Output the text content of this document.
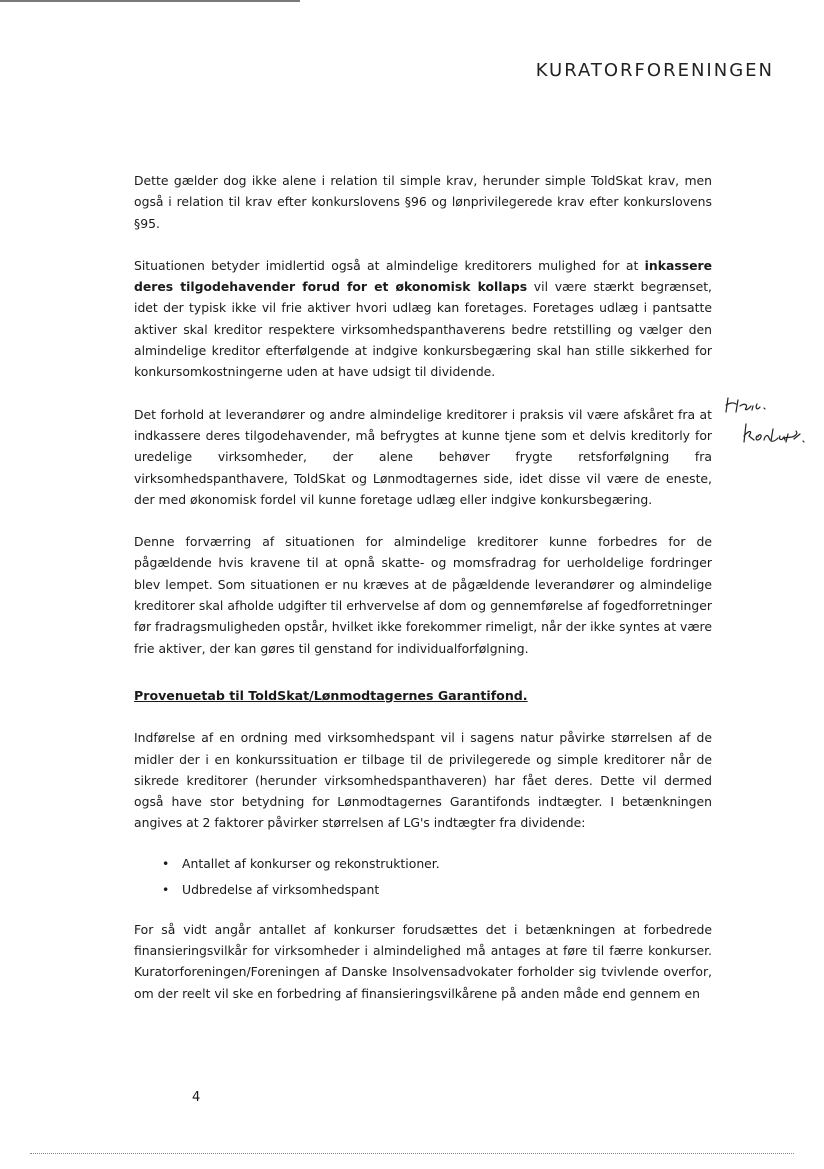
KURATORFORENINGEN

Dette gælder dog ikke alene i relation til simple krav, herunder simple ToldSkat krav, men også i relation til krav efter konkurslovens §96 og lønprivilegerede krav efter konkurslovens §95.

Situationen betyder imidlertid også at almindelige kreditorers mulighed for at inkassere deres tilgodehavender forud for et økonomisk kollaps vil være stærkt begrænset, idet der typisk ikke vil frie aktiver hvori udlæg kan foretages. Foretages udlæg i pantsatte aktiver skal kreditor respektere virksomhedspanthaverens bedre retstilling og vælger den almindelige kreditor efterfølgende at indgive konkursbegæring skal han stille sikkerhed for konkursomkostningerne uden at have udsigt til dividende.

Det forhold at leverandører og andre almindelige kreditorer i praksis vil være afskåret fra at indkassere deres tilgodehavender, må befrygtes at kunne tjene som et delvis kreditorly for uredelige virksomheder, der alene behøver frygte retsforfølgning fra virksomhedspanthavere, ToldSkat og Lønmodtagernes side, idet disse vil være de eneste, der med økonomisk fordel vil kunne foretage udlæg eller indgive konkursbegæring.

Denne forværring af situationen for almindelige kreditorer kunne forbedres for de pågældende hvis kravene til at opnå skatte- og momsfradrag for uerholdelige fordringer blev lempet. Som situationen er nu kræves at de pågældende leverandører og almindelige kreditorer skal afholde udgifter til erhvervelse af dom og gennemførelse af fogedforretninger før fradragsmuligheden opstår, hvilket ikke forekommer rimeligt, når der ikke syntes at være frie aktiver, der kan gøres til genstand for individualforfølgning.

Provenuetab til ToldSkat/Lønmodtagernes Garantifond.

Indførelse af en ordning med virksomhedspant vil i sagens natur påvirke størrelsen af de midler der i en konkurssituation er tilbage til de privilegerede og simple kreditorer når de sikrede kreditorer (herunder virksomhedspanthaveren) har fået deres. Dette vil dermed også have stor betydning for Lønmodtagernes Garantifonds indtægter. I betænkningen angives at 2 faktorer påvirker størrelsen af LG's indtægter fra dividende:

• Antallet af konkurser og rekonstruktioner.
• Udbredelse af virksomhedspant

For så vidt angår antallet af konkurser forudsættes det i betænkningen at forbedrede finansieringsvilkår for virksomheder i almindelighed må antages at føre til færre konkurser. Kuratorforeningen/Foreningen af Danske Insolvensadvokater forholder sig tvivlende overfor, om der reelt vil ske en forbedring af finansieringsvilkårene på anden måde end gennem en

4
